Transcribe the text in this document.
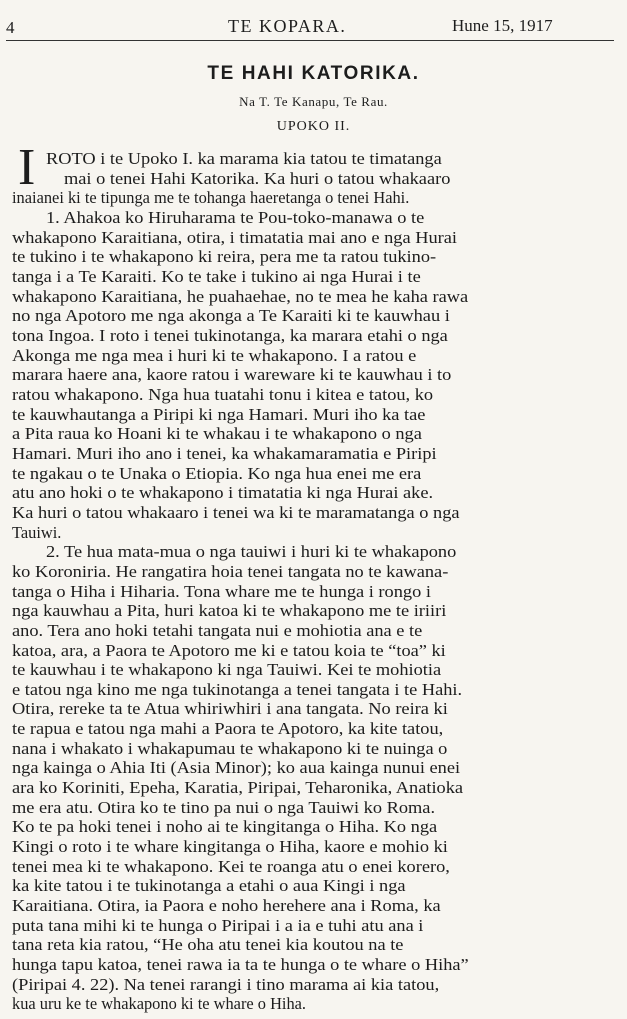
4	TE KOPARA.	Hune 15, 1917
TE HAHI KATORIKA.
Na T. Te Kanapu, Te Rau.
UPOKO II.
I ROTO i te Upoko I. ka marama kia tatou te timatanga
mai o tenei Hahi Katorika. Ka huri o tatou whakaaro
inaianei ki te tipunga me te tohanga haeretanga o tenei Hahi.
1. Ahakoa ko Hiruharama te Pou-toko-manawa o te
whakapono Karaitiana, otira, i timatatia mai ano e nga Hurai
te tukino i te whakapono ki reira, pera me ta ratou tukino-
tanga i a Te Karaiti. Ko te take i tukino ai nga Hurai i te
whakapono Karaitiana, he puahaehae, no te mea he kaha rawa
no nga Apotoro me nga akonga a Te Karaiti ki te kauwhau i
tona Ingoa. I roto i tenei tukinotanga, ka marara etahi o nga
Akonga me nga mea i huri ki te whakapono. I a ratou e
marara haere ana, kaore ratou i wareware ki te kauwhau i to
ratou whakapono. Nga hua tuatahi tonu i kitea e tatou, ko
te kauwhautanga a Piripi ki nga Hamari. Muri iho ka tae
a Pita raua ko Hoani ki te whakau i te whakapono o nga
Hamari. Muri iho ano i tenei, ka whakamaramatia e Piripi
te ngakau o te Unaka o Etiopia. Ko nga hua enei me era
atu ano hoki o te whakapono i timatatia ki nga Hurai ake.
Ka huri o tatou whakaaro i tenei wa ki te maramatanga o nga
Tauiwi.
2. Te hua mata-mua o nga tauiwi i huri ki te whakapono
ko Koroniria. He rangatira hoia tenei tangata no te kawana-
tanga o Hiha i Hiharia. Tona whare me te hunga i rongo i
nga kauwhau a Pita, huri katoa ki te whakapono me te iriiri
ano. Tera ano hoki tetahi tangata nui e mohiotia ana e te
katoa, ara, a Paora te Apotoro me ki e tatou koia te “toa” ki
te kauwhau i te whakapono ki nga Tauiwi. Kei te mohiotia
e tatou nga kino me nga tukinotanga a tenei tangata i te Hahi.
Otira, rereke ta te Atua whiriwhiri i ana tangata. No reira ki
te rapua e tatou nga mahi a Paora te Apotoro, ka kite tatou,
nana i whakato i whakapumau te whakapono ki te nuinga o
nga kainga o Ahia Iti (Asia Minor); ko aua kainga nunui enei
ara ko Koriniti, Epeha, Karatia, Piripai, Teharonika, Anatioka
me era atu. Otira ko te tino pa nui o nga Tauiwi ko Roma.
Ko te pa hoki tenei i noho ai te kingitanga o Hiha. Ko nga
Kingi o roto i te whare kingitanga o Hiha, kaore e mohio ki
tenei mea ki te whakapono. Kei te roanga atu o enei korero,
ka kite tatou i te tukinotanga a etahi o aua Kingi i nga
Karaitiana. Otira, ia Paora e noho herehere ana i Roma, ka
puta tana mihi ki te hunga o Piripai i a ia e tuhi atu ana i
tana reta kia ratou, “He oha atu tenei kia koutou na te
hunga tapu katoa, tenei rawa ia ta te hunga o te whare o Hiha”
(Piripai 4. 22). Na tenei rarangi i tino marama ai kia tatou,
kua uru ke te whakapono ki te whare o Hiha.
